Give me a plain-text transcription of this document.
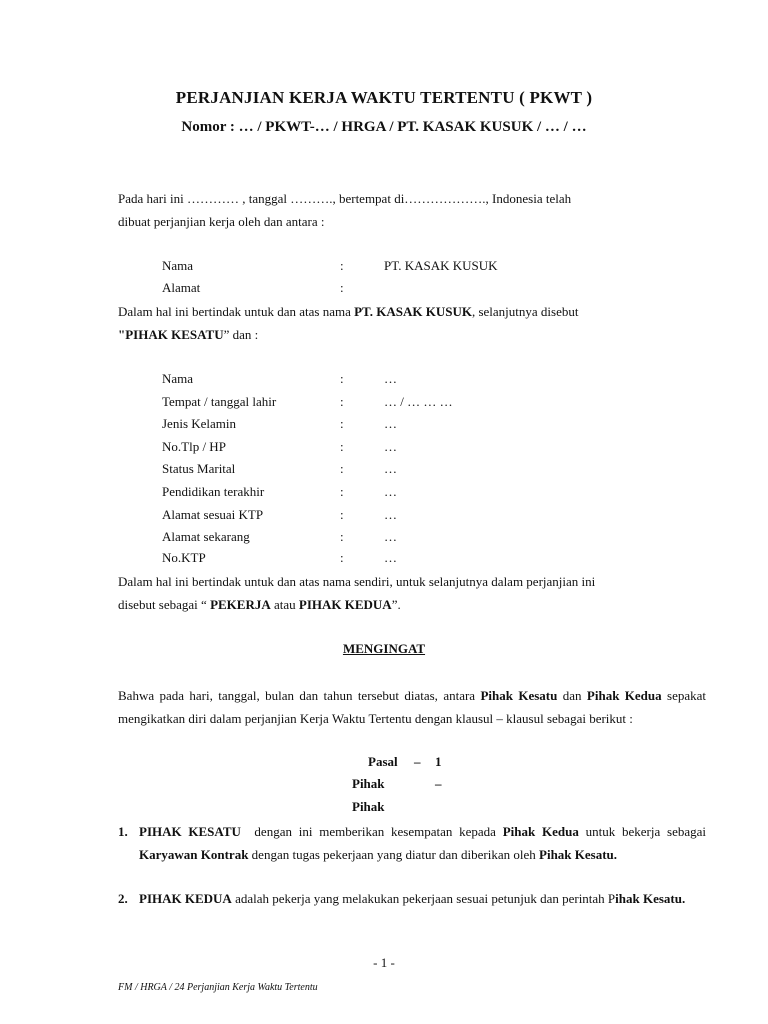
PERJANJIAN KERJA WAKTU TERTENTU ( PKWT )
Nomor : … / PKWT-… / HRGA / PT. KASAK KUSUK / … / …
Pada hari ini ………… , tanggal ………., bertempat di………………., Indonesia telah
dibuat perjanjian kerja oleh dan antara :
Nama	:	PT. KASAK KUSUK
Alamat	:
Dalam hal ini bertindak untuk dan atas nama PT. KASAK KUSUK, selanjutnya disebut
"PIHAK KESATU” dan :
Nama	:	…
Tempat / tanggal lahir	:	… / … … …
Jenis Kelamin	:	…
No.Tlp / HP	:	…
Status Marital	:	…
Pendidikan terakhir	:	…
Alamat sesuai KTP	:	…
Alamat sekarang	:	…
No.KTP	:	…
Dalam hal ini bertindak untuk dan atas nama sendiri, untuk selanjutnya dalam perjanjian ini
disebut sebagai “ PEKERJA atau PIHAK KEDUA”.
MENGINGAT
Bahwa pada hari, tanggal, bulan dan tahun tersebut diatas, antara Pihak Kesatu dan Pihak Kedua sepakat mengikatkan diri dalam perjanjian Kerja Waktu Tertentu dengan klausul – klausul sebagai berikut :
Pasal – 1
Pihak	–
Pihak
1. PIHAK KESATU  dengan ini memberikan kesempatan kepada Pihak Kedua untuk bekerja sebagai Karyawan Kontrak dengan tugas pekerjaan yang diatur dan diberikan oleh Pihak Kesatu.
2. PIHAK KEDUA adalah pekerja yang melakukan pekerjaan sesuai petunjuk dan perintah Pihak Kesatu.
- 1 -
FM / HRGA / 24 Perjanjian Kerja Waktu Tertentu
